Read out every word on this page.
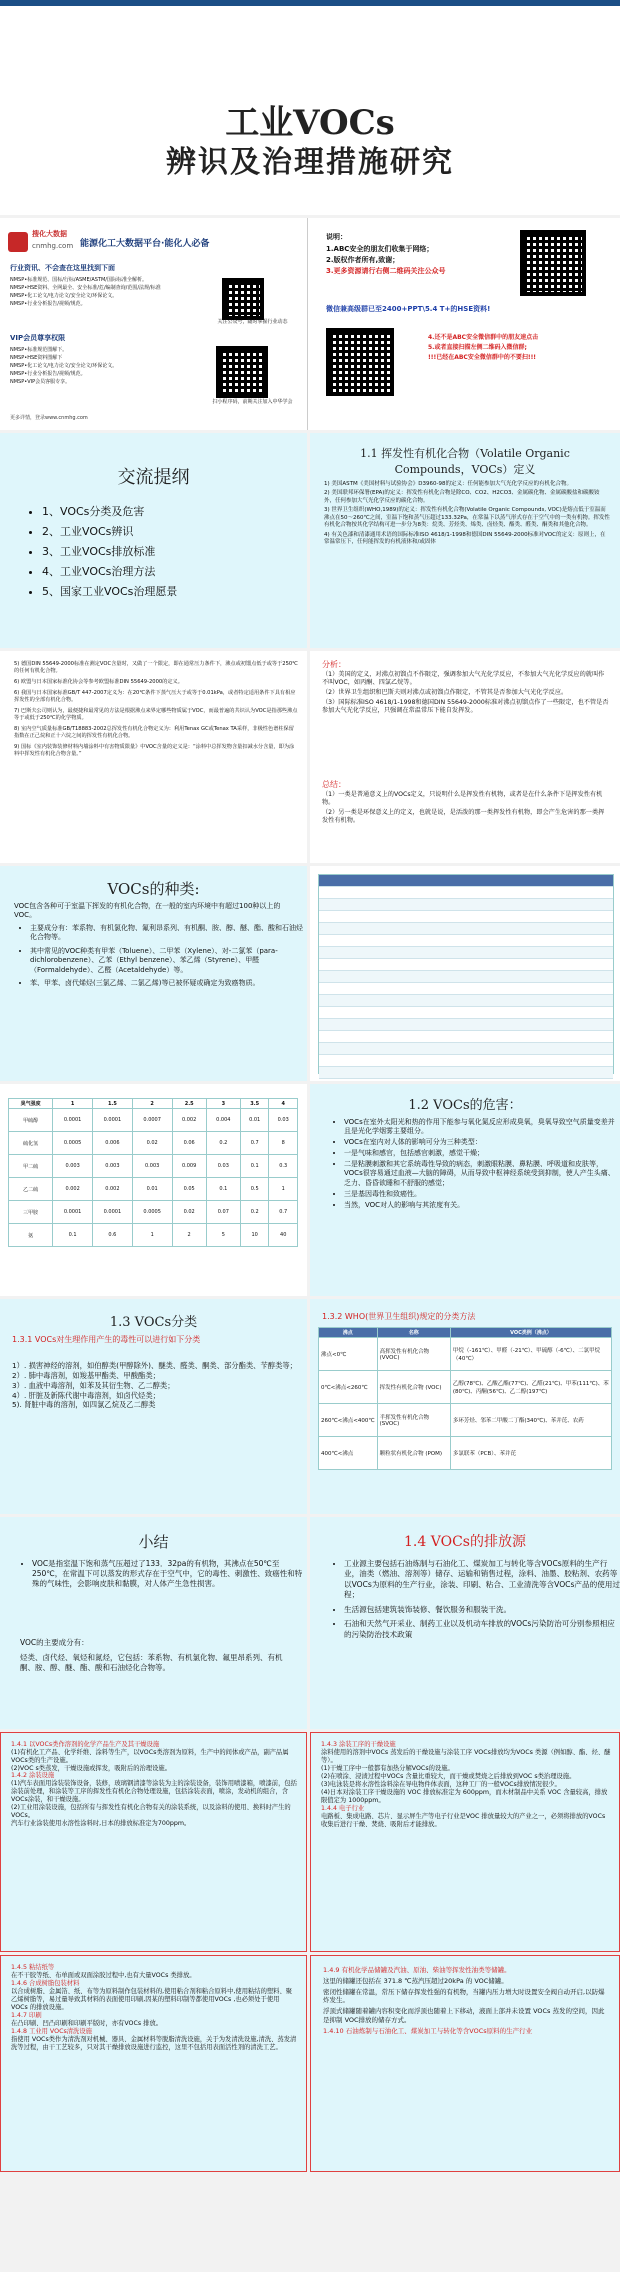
工业VOCs
辨识及治理措施研究
搜化大数据
cnmhg.com 能源化工大数据平台·能化人必备
行业资讯、不会查在这里找到下面
NMSP•标准规范、国标/行标/ASME/ASTM/国际标准全解析。
NMSP•HSE资料、全网最全、安全标准/危/编制查询/范围/法规/标准
NMSP•化工论文/电力论文/安全论文/环保论文。
NMSP•行业分析报告/视频/规范。
VIP会员尊享权限
NMSP•标准规范图解下。
NMSP•HSE资料图解下
NMSP•化工论文/电力论文/安全论文/环保论文。
NMSP•行业分析报告/视频/规范。
NMSP•VIP会员客服专享。
更多详情，登录www.cnmhg.com
关注公众号，随时掌握行业动态
扫小程序码，前期关注加入中华学会
说明：
1.ABC安全的朋友们收集于网络；
2.版权作者所有,致谢；
3.更多资源请行右侧二维码关注公众号
微信兼高级群已至2400+PPT\5.4 T+的HSE资料!
4.还不是ABC安全微信群中的朋友速点击
5.或者直接扫描左侧二维码入微信群;
!!!已经在ABC安全微信群中的不要扫!!!
交流提纲
• 1、VOCs分类及危害
• 2、工业VOCs辨识
• 3、工业VOCs排放标准
• 4、工业VOCs治理方法
• 5、国家工业VOCs治理愿景
1.1 挥发性有机化合物（Volatile Organic Compounds，VOCs）定义
1) 美国ASTM《美国材料与试验协会》D3960-98的定义：任何能参加大气光化学反应的有机化合物。
2) 美国联邦环保署(EPA)的定义：挥发性有机化合物是除CO、CO2、H2CO3、金属碳化物、金属碳酸盐和碳酸铵外，任何参加大气光化学反应的碳化合物。
3) 世界卫生组织(WHO,1989)的定义：挥发性有机化合物(Volatile Organic Compounds, VOC)是熔点低于室温而沸点在50～260℃之间，室温下饱和蒸气压超过133.32Pa，在常温下以蒸气形式存在于空气中的一类有机物。挥发性有机化合物按其化学结构可进一步分为8类：烷类、芳烃类、烯类、卤烃类、酯类、醛类、酮类和其他化合物。
4) 有关色漆和清漆通用术语的国际标准ISO 4618/1-1998和德国DIN 55649-2000标准对VOC的定义：原则上，在常温常压下，任何能挥发的有机液体和/或固体
5) 德国DIN 55649-2000标准在测定VOC含量时，又做了一个限定，即在通常压力条件下，沸点或初馏点低于或等于250℃的任何有机化合物。
6) 欧盟与日本国家标准化协会等参考欧盟标准DIN 55649-2000的定义。
6) 我国与日本国家标准GB/T 447-2007定义为：在20℃条件下蒸气压大于或等于0.01kPa，或者特定适用条件下具有相应挥发性的全部有机化合物。
7) 巴斯夫公司则认为，最便捷和最常见的方法是根据沸点来界定哪些物质属于VOC，而最普遍的共识认为VOC是指那些沸点等于或低于250℃的化学物质。
8) 室内空气质量标准GB/T18883-2002总挥发性有机化合物定义为：利用Tenax GC或Tenax TA采样，非极性色谱柱保留指数在正己烷和正十六烷之间的挥发性有机化合物。
9) 国标《室内装饰装修材料内墙涂料中有害物质限量》中VOC含量的定义是：“涂料中总挥发物含量扣减水分含量，即为涂料中挥发性有机化合物含量。”
分析：
（1）美国的定义，对沸点初馏点不作限定，强调参加大气光化学反应，不参加大气光化学反应的就叫作不叫VOC，如丙酮、四氯乙烷等。
（2）世界卫生组织和巴斯夫则对沸点或初馏点作限定，不管其是否参加大气光化学反应。
（3）国际标准ISO 4618/1-1998和德国DIN 55649-2000标准对沸点初馏点作了一些限定，也不管是否参加大气光化学反应，只强调在常温常压下能自发挥发。
总结：
（1）一类是普通意义上的VOCs定义，只说明什么是挥发性有机物，或者是在什么条件下是挥发性有机物。
（2）另一类是环保意义上的定义，也就是说，是活泼的那一类挥发性有机物，即会产生危害的那一类挥发性有机物。
VOCs的种类:
VOC包含各种可于室温下挥发的有机化合物，在一般的室内环境中有超过100种以上的VOC。
• 主要成分有：苯系物、有机氯化物、氟利昂系列、有机酮、胺、醇、醚、酯、酸和石油烃化合物等。
• 其中常见的VOC种类有甲苯（Toluene）、二甲苯（Xylene）、对-二氯苯（para-dichlorobenzene）、乙苯（Ethyl benzene）、苯乙烯（Styrene）、甲醛（Formaldehyde）、乙醛（Acetaldehyde）等。
• 苯、甲苯、卤代烯烃(三氯乙烯、二氯乙烯)等已被怀疑或确定为致癌物质。
臭气强度	1	1.5	2	2.5	3	3.5	4
甲硫醇	0.0001	0.0001	0.0007	0.002	0.004	0.01	0.03
硫化氢	0.0005	0.006	0.02	0.06	0.2	0.7	8
甲二硫	0.003	0.003	0.003	0.009	0.03	0.1	0.3
乙二硫	0.002	0.002	0.01	0.05	0.1	0.5	1
三甲胺	0.0001	0.0001	0.0005	0.02	0.07	0.2	0.7
氨	0.1	0.6	1	2	5	10	40
1.2 VOCs的危害：
• VOCs在室外太阳光和热的作用下能参与氧化氮反应形成臭氧，臭氧导致空气质量变差并且是光化学烟雾主要组分。
• VOCs在室内对人体的影响可分为三种类型：
• 一是气味和感官，包括感官刺激，感觉干燥；
• 二是粘膜刺激和其它系统毒性导致的病态，刺激眼粘膜、鼻粘膜、呼吸道和皮肤等，VOCs很容易通过血液—大脑的障碍，从而导致中枢神经系统受到抑制，使人产生头痛、乏力、昏昏欲睡和不舒服的感觉；
• 三是基因毒性和致癌性。
• 当然，VOC对人的影响与其浓度有关。
1.3 VOCs分类
1.3.1 VOCs对生理作用产生的毒性可以进行如下分类
1）. 损害神经的溶剂，如伯醇类(甲醇除外)、醚类、醛类、酮类、部分酯类、苄醇类等；
2）. 肺中毒溶剂，如羧基甲酯类、甲酸酯类；
3）. 血液中毒溶剂，如苯及其衍生物、乙二醇类；
4）. 肝脏及新陈代谢中毒溶剂，如卤代烃类；
5). 肾脏中毒的溶剂，如四氯乙烷及乙二醇类
1.3.2 WHO(世界卫生组织)规定的分类方法
沸点	名称	VOC类例（沸点）
沸点<0℃	高挥发性有机化合物 (VVOC)	甲烷（-161℃）、甲醛（-21℃）、甲硫醇（-6℃）、二氯甲烷（40℃）
0℃<沸点<260℃	挥发性有机化合物 (VOC)	乙醇(78℃)、乙酸乙酯(77℃)、乙醛(21℃)、甲苯(111℃)、苯(80℃)、丙酮(56℃)、乙二醇(197℃)
260℃<沸点<400℃	半挥发性有机化合物 (SVOC)	多环芳烃、邻苯二甲酸二丁酯(340℃)、苯并芘、农药
400℃<沸点	颗粒状有机化合物 (POM)	多氯联苯（PCB）、苯并芘
小结
• VOC是指室温下饱和蒸气压超过了133．32pa的有机物，其沸点在50℃至250℃，在常温下可以蒸发的形式存在于空气中，它的毒性、刺激性、致癌性和特殊的气味性，会影响皮肤和黏膜，对人体产生急性损害。
VOC的主要成分有：
烃类、卤代烃、氧烃和氮烃，它包括：苯系物、有机氯化物、氟里昂系列、有机酮、胺、醇、醚、酯、酸和石油烃化合物等。
1.4 VOCs的排放源
• 工业源主要包括石油炼制与石油化工、煤炭加工与转化等含VOCs原料的生产行业，油类（燃油、溶剂等）储存、运输和销售过程，涂料、油墨、胶粘剂、农药等以VOCs为原料的生产行业，涂装、印刷、粘合、工业清洗等含VOCs产品的使用过程；
• 生活源包括建筑装饰装修、餐饮服务和服装干洗。
• 石油和天然气开采业、制药工业以及机动车排放的VOCs污染防治可分别参照相应的污染防治技术政策
1.4.1 以VOCs类作溶剂的化学产品生产及其干燥设施
(1)有机化工产品、化学纤维、涂料等生产，以VOCs类溶剂为原料，生产中的间体或产品，副产品属VOCs类的生产设施。
(2)VOC s类蒸发，干燥设施或挥发，吸附后的治理设施。
1.4.2 涂装设施
(1)汽车表面用涂装装饰设备，装修，玻璃钢清漆等涂装为主的涂装设备，装饰用喷漆箱，喷漆前，包括涂装前处理，和涂装等工序的挥发性有机化合物处理设施，包括涂装表面，喷涂，发动机的组合，含VOCs涂装，和干燥设施。
(2)工业用涂装设施，包括所有与挥发性有机化合物有关的涂装系统，以及涂料的使用、换料时产生的VOCs。
汽车行业涂装使用水溶性涂料时,日本的排放标准定为700ppm。
1.4.3 涂装工序的干燥设施
涂料使用的溶剂中VOCs 蒸发后的干燥设施与涂装工序 VOCs排放均为VOCs 类源（例如醇、酯、烃、醚等）。
(1)干燥工序中一般都有加热分解VOCs的设施。
(2)在喷涂、浸渍过程中VOCs 含量比重较大，而干燥或焚烧之后排放到VOC s类治理设施。
(3)电泳装是将水溶性涂料涂在导电物件体表面，这种工厂的一般VOCs排放情况很少。
(4)日本对涂装工序干燥设施的 VOC 排放标准定为 600ppm，而木材制品中关系 VOC 含量较高，排放限值定为 1000ppm。
1.4.4 电子行业
电路板、集成电路、芯片、显示屏生产等电子行业是VOC 排放量较大的产业之一，必须将排放的VOCs 收集后进行干燥、焚烧、吸附后才能排放。
1.4.5 粘结纸等
在不干胶等纸、布单面或双面涂胶过程中,也有大量VOCs 类排放。
1.4.6 合成树脂包装材料
以合成树脂、金属箔、纸、布等为原料制作包装材料的,使用粘合剂和粘合原料中,使用粘结的塑料、聚乙烯树脂等，易过量导致其材料的表面使用印刷,因某的塑料印制等都使用VOCs ,也必须处于使用 VOCs 的排放设施。
1.4.7 印刷
在凸印刷、凹凸印刷和印刷平版时，亦有VOCs 排放。
1.4.8 工业用 VOCs清洗设施
指使用 VOCs类作为清洗剂对机械、器具、金属材料等脱脂清洗设施，关于为发清洗设施,清洗、蒸发清洗等过程，由干工艺较多，只对其干燥排放设施进行监控，这里不包括用表面活性剂的清洗工艺。
1.4.9 有机化学品储罐及汽油、原油、柴油等挥发性油类等储罐。
这里的储罐还包括在 371.8 ℃蒸汽压超过20kPa 的 VOC储罐。
密闭性储罐在常温，常压下储存挥发性强的有机物，当罐内压力增大时设置安全阀自动开启,以防爆炸发生。
浮顶式储罐随着罐内容积变化而浮顶也随着上下移动，液面上部并未设置 VOCs 蒸发的空间，因此是抑制 VOC排放的储存方式。
1.4.10 石油炼制与石油化工、煤炭加工与转化等含VOCs原料的生产行业
